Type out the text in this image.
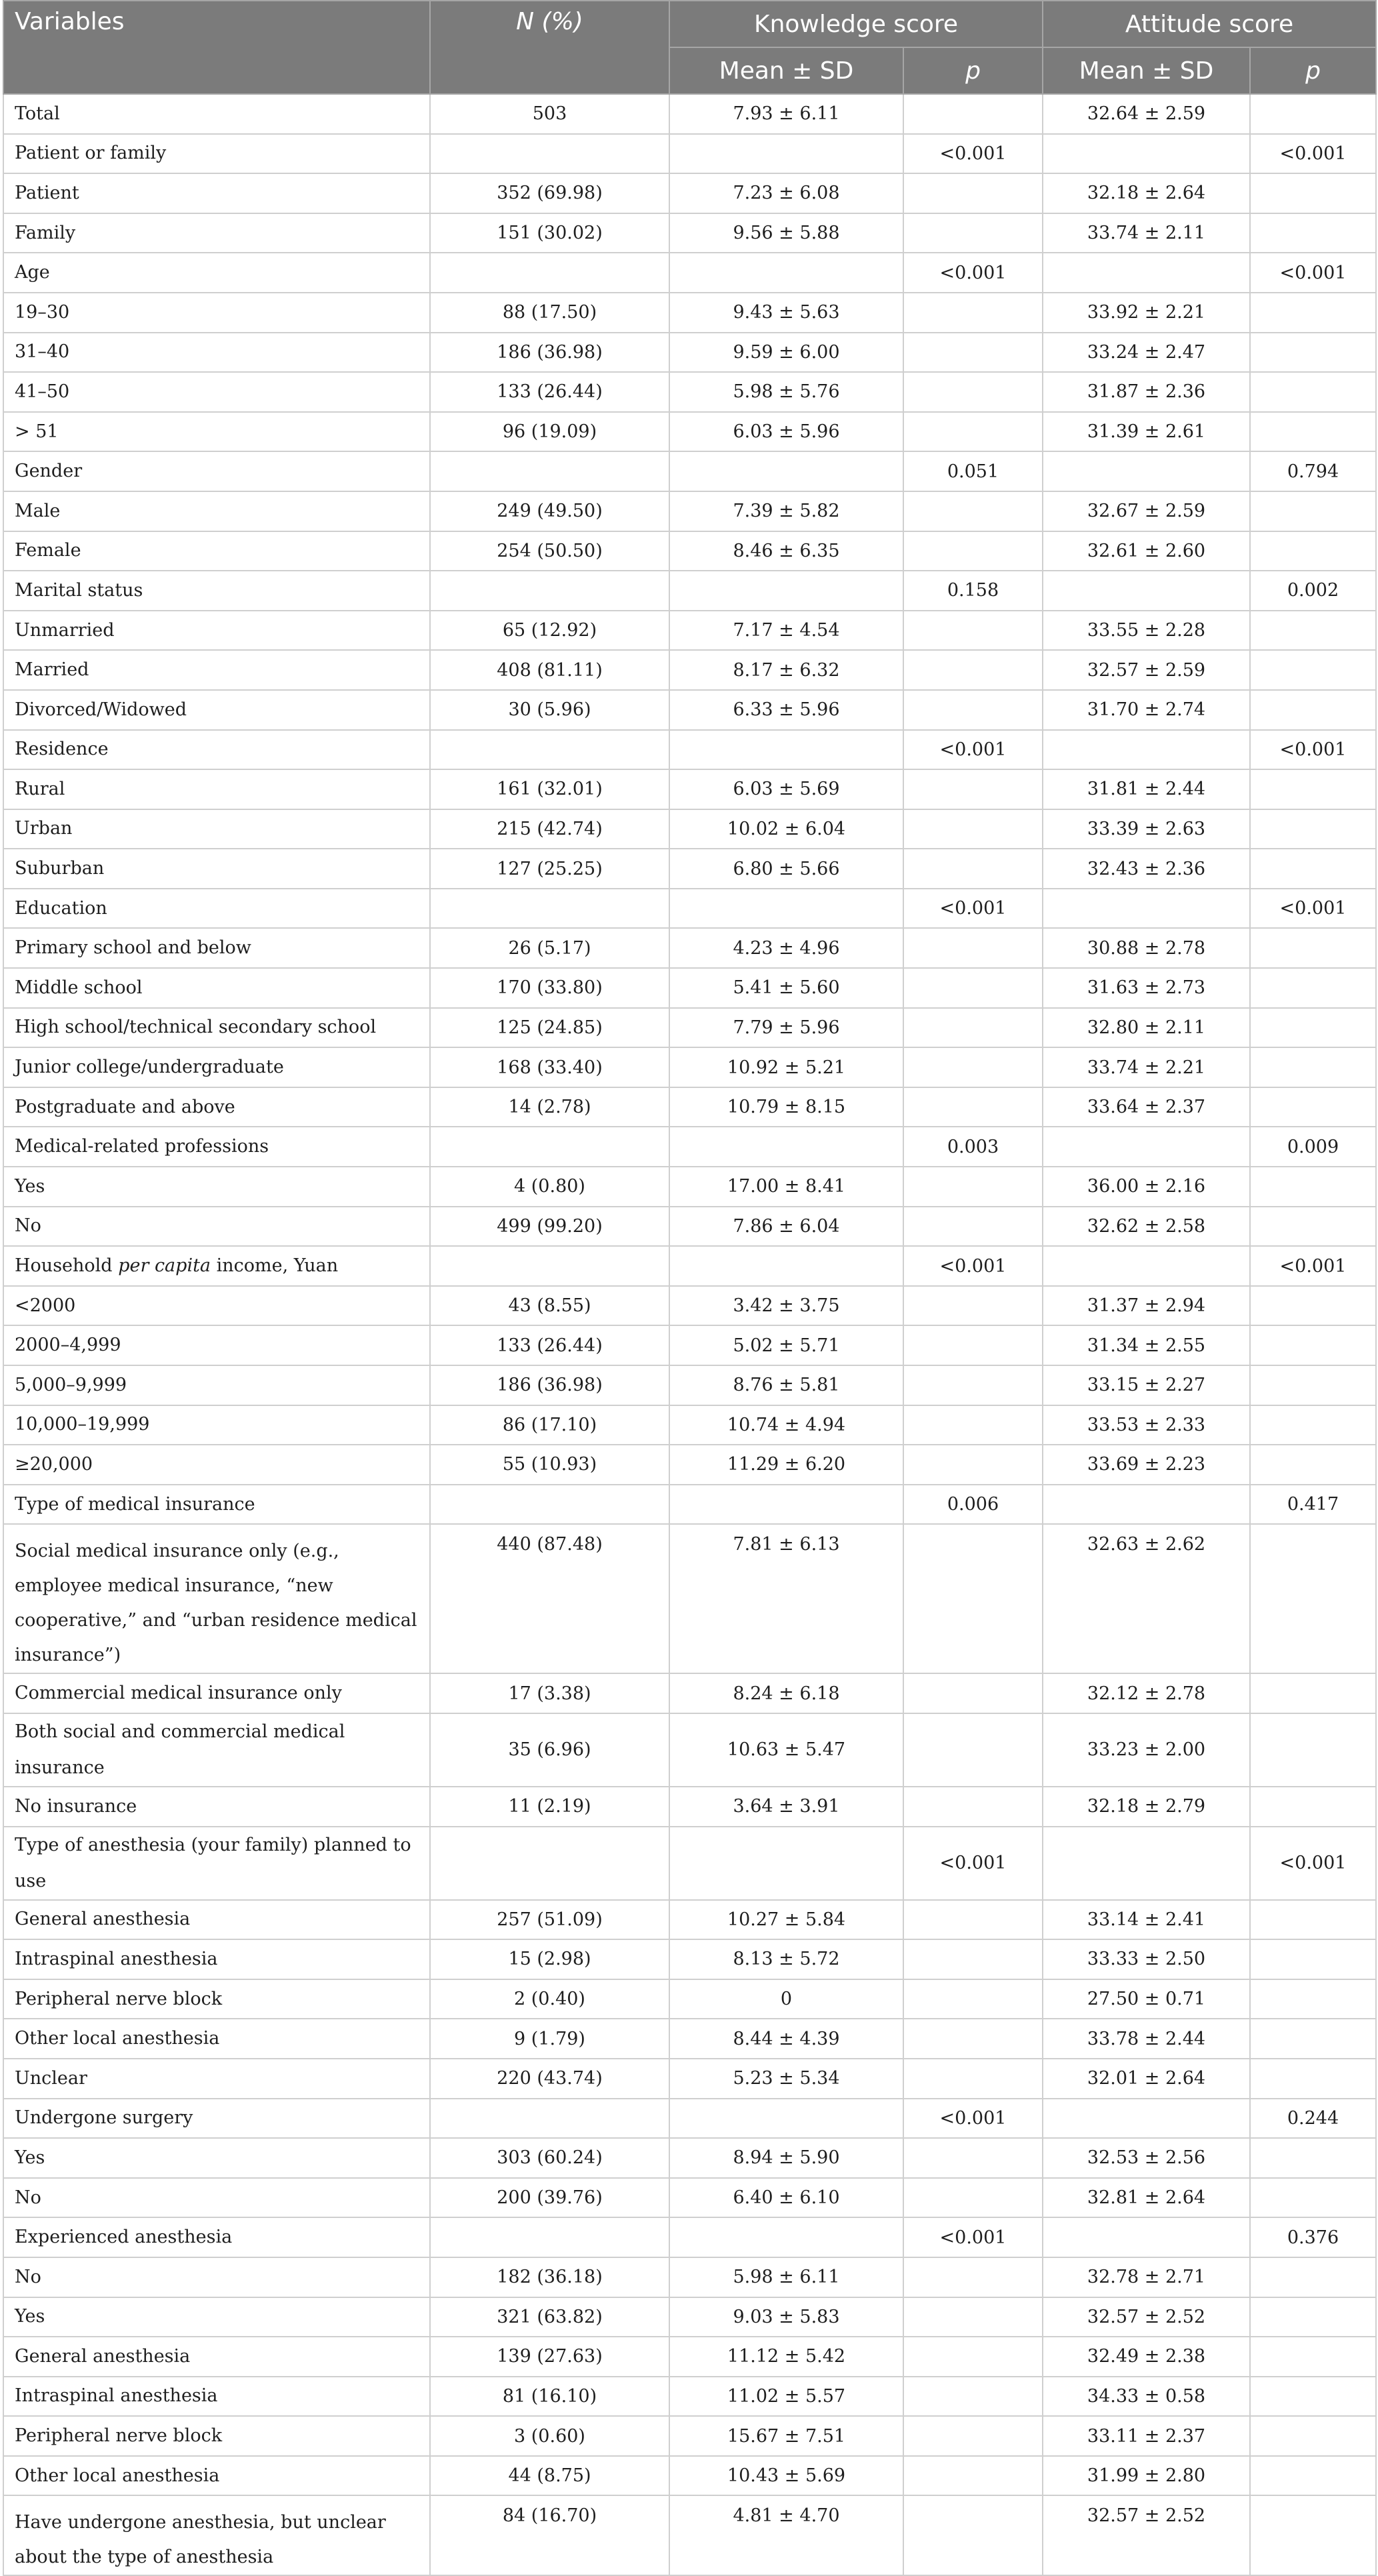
Variables	N (%)	Knowledge score		Attitude score	
		Mean ± SD	p	Mean ± SD	p
Total	503	7.93 ± 6.11		32.64 ± 2.59	
Patient or family			<0.001		<0.001
Patient	352 (69.98)	7.23 ± 6.08		32.18 ± 2.64	
Family	151 (30.02)	9.56 ± 5.88		33.74 ± 2.11	
Age			<0.001		<0.001
19–30	88 (17.50)	9.43 ± 5.63		33.92 ± 2.21	
31–40	186 (36.98)	9.59 ± 6.00		33.24 ± 2.47	
41–50	133 (26.44)	5.98 ± 5.76		31.87 ± 2.36	
> 51	96 (19.09)	6.03 ± 5.96		31.39 ± 2.61	
Gender			0.051		0.794
Male	249 (49.50)	7.39 ± 5.82		32.67 ± 2.59	
Female	254 (50.50)	8.46 ± 6.35		32.61 ± 2.60	
Marital status			0.158		0.002
Unmarried	65 (12.92)	7.17 ± 4.54		33.55 ± 2.28	
Married	408 (81.11)	8.17 ± 6.32		32.57 ± 2.59	
Divorced/Widowed	30 (5.96)	6.33 ± 5.96		31.70 ± 2.74	
Residence			<0.001		<0.001
Rural	161 (32.01)	6.03 ± 5.69		31.81 ± 2.44	
Urban	215 (42.74)	10.02 ± 6.04		33.39 ± 2.63	
Suburban	127 (25.25)	6.80 ± 5.66		32.43 ± 2.36	
Education			<0.001		<0.001
Primary school and below	26 (5.17)	4.23 ± 4.96		30.88 ± 2.78	
Middle school	170 (33.80)	5.41 ± 5.60		31.63 ± 2.73	
High school/technical secondary school	125 (24.85)	7.79 ± 5.96		32.80 ± 2.11	
Junior college/undergraduate	168 (33.40)	10.92 ± 5.21		33.74 ± 2.21	
Postgraduate and above	14 (2.78)	10.79 ± 8.15		33.64 ± 2.37	
Medical-related professions			0.003		0.009
Yes	4 (0.80)	17.00 ± 8.41		36.00 ± 2.16	
No	499 (99.20)	7.86 ± 6.04		32.62 ± 2.58	
Household per capita income, Yuan			<0.001		<0.001
<2000	43 (8.55)	3.42 ± 3.75		31.37 ± 2.94	
2000–4,999	133 (26.44)	5.02 ± 5.71		31.34 ± 2.55	
5,000–9,999	186 (36.98)	8.76 ± 5.81		33.15 ± 2.27	
10,000–19,999	86 (17.10)	10.74 ± 4.94		33.53 ± 2.33	
≥20,000	55 (10.93)	11.29 ± 6.20		33.69 ± 2.23	
Type of medical insurance			0.006		0.417
Social medical insurance only (e.g., employee medical insurance, “new cooperative,” and “urban residence medical insurance”)	440 (87.48)	7.81 ± 6.13		32.63 ± 2.62	
Commercial medical insurance only	17 (3.38)	8.24 ± 6.18		32.12 ± 2.78	
Both social and commercial medical insurance	35 (6.96)	10.63 ± 5.47		33.23 ± 2.00	
No insurance	11 (2.19)	3.64 ± 3.91		32.18 ± 2.79	
Type of anesthesia (your family) planned to use			<0.001		<0.001
General anesthesia	257 (51.09)	10.27 ± 5.84		33.14 ± 2.41	
Intraspinal anesthesia	15 (2.98)	8.13 ± 5.72		33.33 ± 2.50	
Peripheral nerve block	2 (0.40)	0		27.50 ± 0.71	
Other local anesthesia	9 (1.79)	8.44 ± 4.39		33.78 ± 2.44	
Unclear	220 (43.74)	5.23 ± 5.34		32.01 ± 2.64	
Undergone surgery			<0.001		0.244
Yes	303 (60.24)	8.94 ± 5.90		32.53 ± 2.56	
No	200 (39.76)	6.40 ± 6.10		32.81 ± 2.64	
Experienced anesthesia			<0.001		0.376
No	182 (36.18)	5.98 ± 6.11		32.78 ± 2.71	
Yes	321 (63.82)	9.03 ± 5.83		32.57 ± 2.52	
General anesthesia	139 (27.63)	11.12 ± 5.42		32.49 ± 2.38	
Intraspinal anesthesia	81 (16.10)	11.02 ± 5.57		34.33 ± 0.58	
Peripheral nerve block	3 (0.60)	15.67 ± 7.51		33.11 ± 2.37	
Other local anesthesia	44 (8.75)	10.43 ± 5.69		31.99 ± 2.80	
Have undergone anesthesia, but unclear about the type of anesthesia	84 (16.70)	4.81 ± 4.70		32.57 ± 2.52	
